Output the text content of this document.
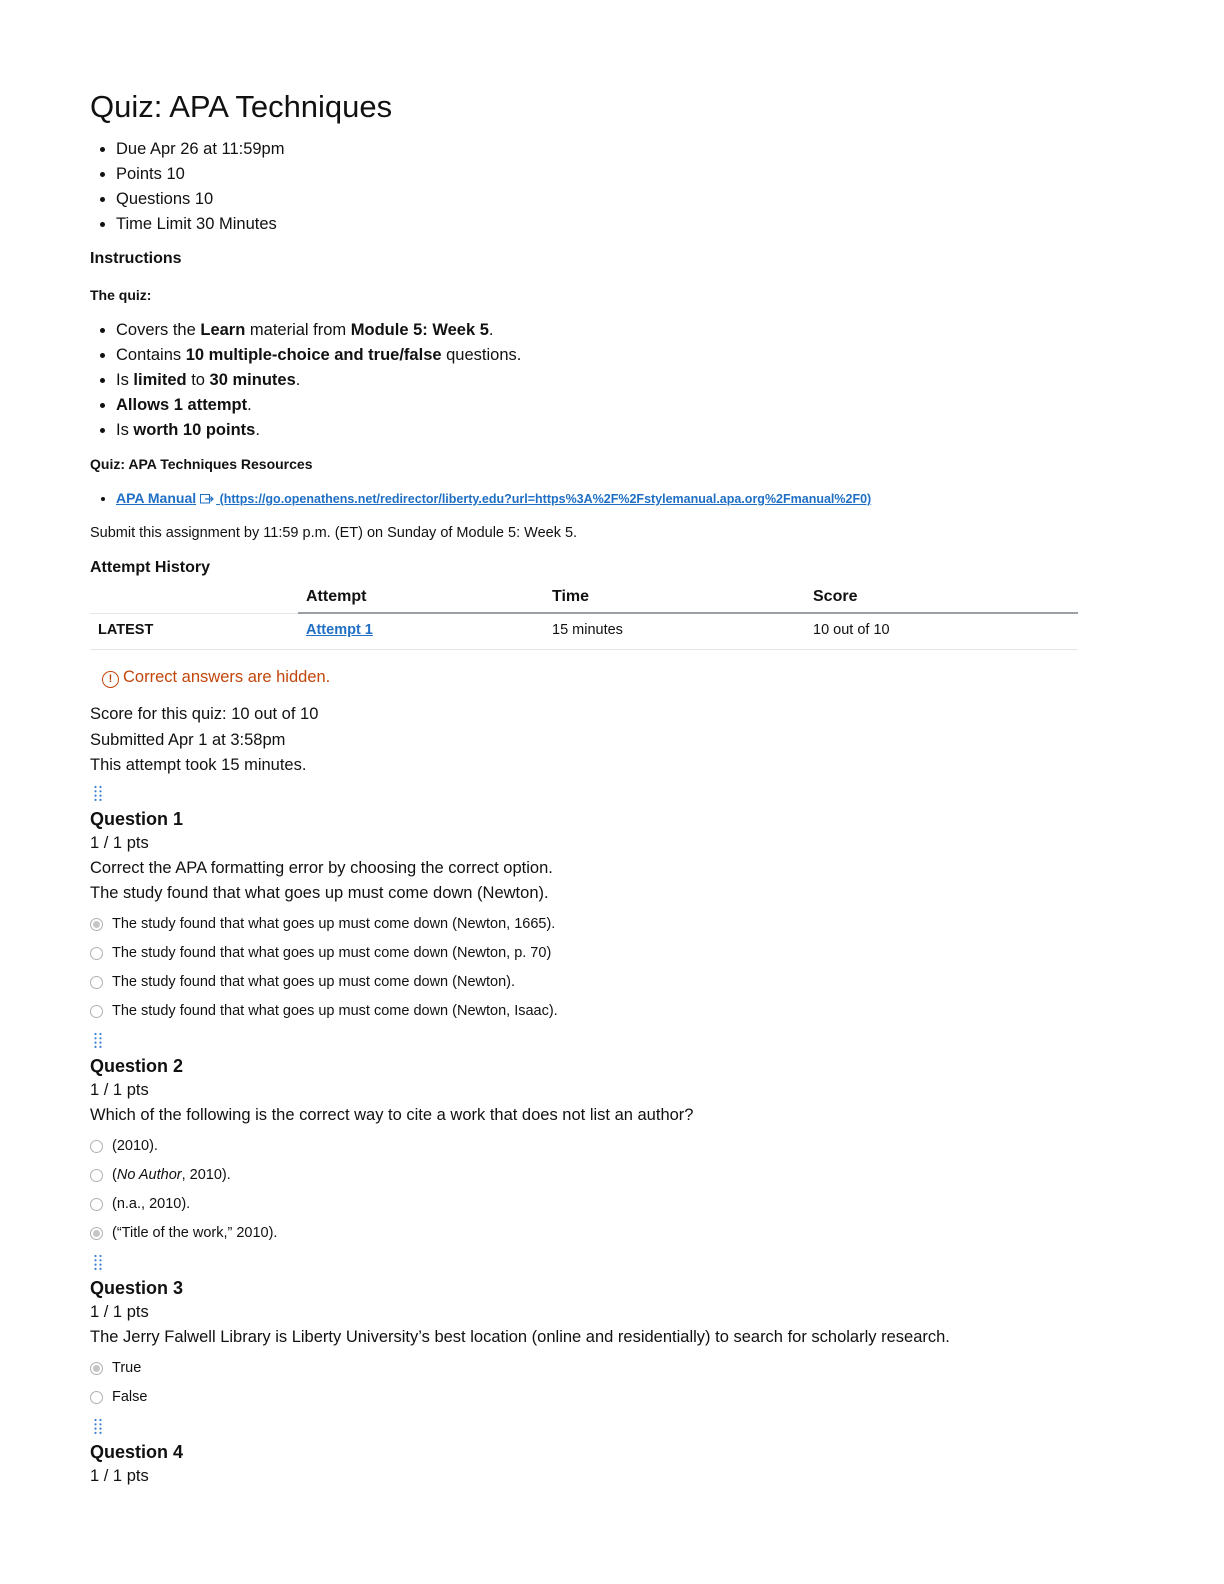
Quiz: APA Techniques
• Due Apr 26 at 11:59pm
• Points 10
• Questions 10
• Time Limit 30 Minutes
Instructions
The quiz:
• Covers the Learn material from Module 5: Week 5.
• Contains 10 multiple-choice and true/false questions.
• Is limited to 30 minutes.
• Allows 1 attempt.
• Is worth 10 points.
Quiz: APA Techniques Resources
• APA Manual (https://go.openathens.net/redirector/liberty.edu?url=https%3A%2F%2Fstylemanual.apa.org%2Fmanual%2F0)
Submit this assignment by 11:59 p.m. (ET) on Sunday of Module 5: Week 5.
Attempt History
	Attempt	Time	Score
LATEST	Attempt 1	15 minutes	10 out of 10
! Correct answers are hidden.
Score for this quiz: 10 out of 10
Submitted Apr 1 at 3:58pm
This attempt took 15 minutes.
Question 1
1 / 1 pts
Correct the APA formatting error by choosing the correct option.
The study found that what goes up must come down (Newton).
The study found that what goes up must come down (Newton, 1665).
The study found that what goes up must come down (Newton, p. 70)
The study found that what goes up must come down (Newton).
The study found that what goes up must come down (Newton, Isaac).
Question 2
1 / 1 pts
Which of the following is the correct way to cite a work that does not list an author?
(2010).
(No Author, 2010).
(n.a., 2010).
(“Title of the work,” 2010).
Question 3
1 / 1 pts
The Jerry Falwell Library is Liberty University’s best location (online and residentially) to search for scholarly research.
True
False
Question 4
1 / 1 pts
